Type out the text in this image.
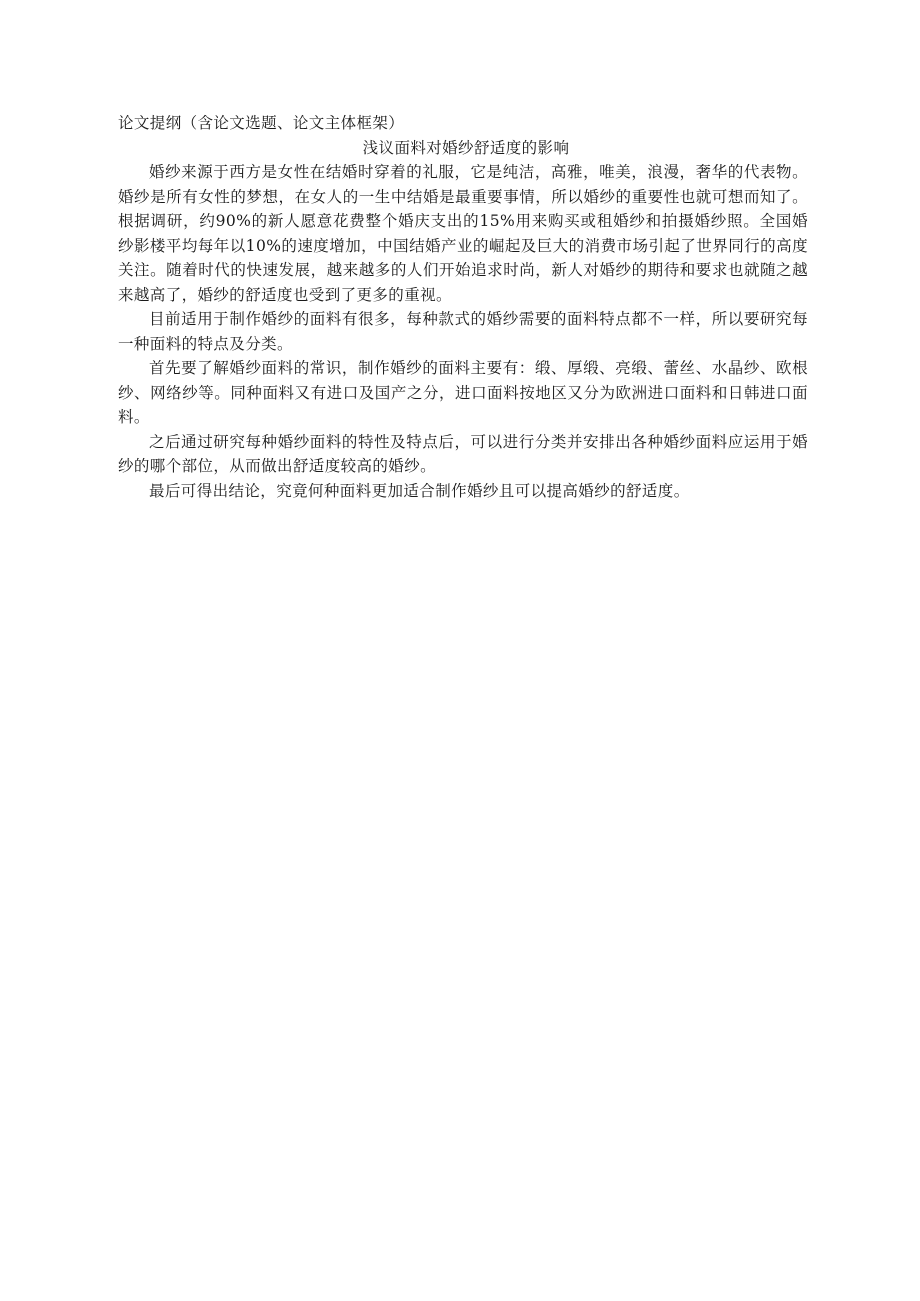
论文提纲（含论文选题、论文主体框架）

浅议面料对婚纱舒适度的影响

婚纱来源于西方是女性在结婚时穿着的礼服，它是纯洁，高雅，唯美，浪漫，奢华的代表物。婚纱是所有女性的梦想，在女人的一生中结婚是最重要事情，所以婚纱的重要性也就可想而知了。根据调研，约90%的新人愿意花费整个婚庆支出的15%用来购买或租婚纱和拍摄婚纱照。全国婚纱影楼平均每年以10%的速度增加，中国结婚产业的崛起及巨大的消费市场引起了世界同行的高度关注。随着时代的快速发展，越来越多的人们开始追求时尚，新人对婚纱的期待和要求也就随之越来越高了，婚纱的舒适度也受到了更多的重视。

目前适用于制作婚纱的面料有很多，每种款式的婚纱需要的面料特点都不一样，所以要研究每一种面料的特点及分类。

首先要了解婚纱面料的常识，制作婚纱的面料主要有：缎、厚缎、亮缎、蕾丝、水晶纱、欧根纱、网络纱等。同种面料又有进口及国产之分，进口面料按地区又分为欧洲进口面料和日韩进口面料。

之后通过研究每种婚纱面料的特性及特点后，可以进行分类并安排出各种婚纱面料应运用于婚纱的哪个部位，从而做出舒适度较高的婚纱。

最后可得出结论，究竟何种面料更加适合制作婚纱且可以提高婚纱的舒适度。
